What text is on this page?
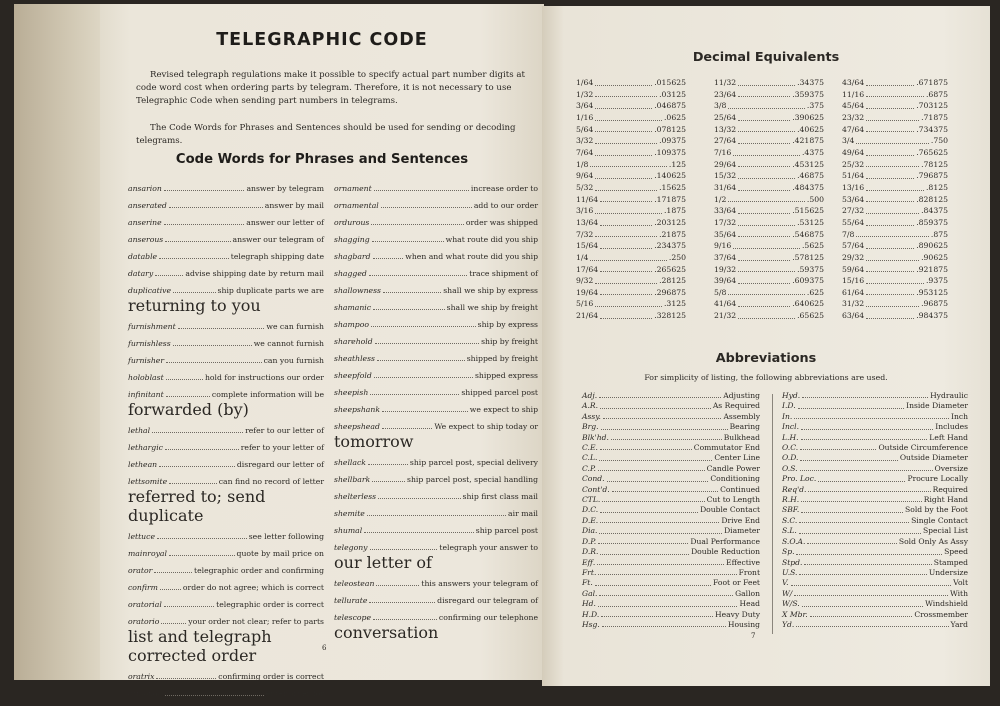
TELEGRAPHIC CODE
Revised telegraph regulations make it possible to specify actual part number digits at code word cost when ordering parts by telegram. Therefore, it is not necessary to use Telegraphic Code when sending part numbers in telegrams.
The Code Words for Phrases and Sentences should be used for sending or decoding telegrams.
Code Words for Phrases and Sentences
ansarion	answer by telegram
anserated	answer by mail
anserine	answer our letter of
anserous	answer our telegram of
datable	telegraph shipping date
datary	advise shipping date by return mail
duplicative	ship duplicate parts we are
returning to you
furnishment	we can furnish
furnishless	we cannot furnish
furnisher	can you furnish
holoblast	hold for instructions our order
infinitant	complete information will be
forwarded (by)
lethal	refer to our letter of
lethargic	refer to your letter of
lethean	disregard our letter of
lettsomite	can find no record of letter
referred to; send duplicate
lettuce	see letter following
mainroyal	quote by mail price on
orator	telegraphic order and confirming
confirm	order do not agree; which is correct
oratorial	telegraphic order is correct
oratorio	your order not clear; refer to parts
list and telegraph corrected order
oratrix	confirming order is correct
ormonde	enter order for
ornament	increase order to
ornamental	add to our order
ordurous	order was shipped
shagging	what route did you ship
shagbard	when and what route did you ship
shagged	trace shipment of
shallowness	shall we ship by express
shamanic	shall we ship by freight
shampoo	ship by express
sharehold	ship by freight
sheathless	shipped by freight
sheepfold	shipped express
sheepish	shipped parcel post
sheepshank	we expect to ship
sheepshead	We expect to ship today or
tomorrow
shellack	ship parcel post, special delivery
shellbark	ship parcel post, special handling
shelterless	ship first class mail
shemite	air mail
shumal	ship parcel post
telegony	telegraph your answer to
our letter of
teleostean	this answers your telegram of
tellurate	disregard our telegram of
telescope	confirming our telephone
conversation
6
Decimal Equivalents
1/64	.015625
1/32	.03125
3/64	.046875
1/16	.0625
5/64	.078125
3/32	.09375
7/64	.109375
1/8	.125
9/64	.140625
5/32	.15625
11/64	.171875
3/16	.1875
13/64	.203125
7/32	.21875
15/64	.234375
1/4	.250
17/64	.265625
9/32	.28125
19/64	.296875
5/16	.3125
21/64	.328125
11/32	.34375
23/64	.359375
3/8	.375
25/64	.390625
13/32	.40625
27/64	.421875
7/16	.4375
29/64	.453125
15/32	.46875
31/64	.484375
1/2	.500
33/64	.515625
17/32	.53125
35/64	.546875
9/16	.5625
37/64	.578125
19/32	.59375
39/64	.609375
5/8	.625
41/64	.640625
21/32	.65625
43/64	.671875
11/16	.6875
45/64	.703125
23/32	.71875
47/64	.734375
3/4	.750
49/64	.765625
25/32	.78125
51/64	.796875
13/16	.8125
53/64	.828125
27/32	.84375
55/64	.859375
7/8	.875
57/64	.890625
29/32	.90625
59/64	.921875
15/16	.9375
61/64	.953125
31/32	.96875
63/64	.984375
Abbreviations
For simplicity of listing, the following abbreviations are used.
Adj.	Adjusting
A.R.	As Required
Assy.	Assembly
Brg.	Bearing
Blk'hd.	Bulkhead
C.E.	Commutator End
C.L.	Center Line
C.P.	Candle Power
Cond.	Conditioning
Cont'd.	Continued
CTL.	Cut to Length
D.C.	Double Contact
D.E.	Drive End
Dia.	Diameter
D.P.	Dual Performance
D.R.	Double Reduction
Eff.	Effective
Frt.	Front
Ft.	Foot or Feet
Gal.	Gallon
Hd.	Head
H.D.	Heavy Duty
Hsg.	Housing
Hyd.	Hydraulic
I.D.	Inside Diameter
In.	Inch
Incl.	Includes
L.H.	Left Hand
O.C.	Outside Circumference
O.D.	Outside Diameter
O.S.	Oversize
Pro. Loc.	Procure Locally
Req'd.	Required
R.H.	Right Hand
SBF.	Sold by the Foot
S.C.	Single Contact
S.L.	Special List
S.O.A.	Sold Only As Assy
Sp.	Speed
Stpd.	Stamped
U.S.	Undersize
V.	Volt
W/	With
W/S.	Windshield
X Mbr.	Crossmember
Yd.	Yard
7
